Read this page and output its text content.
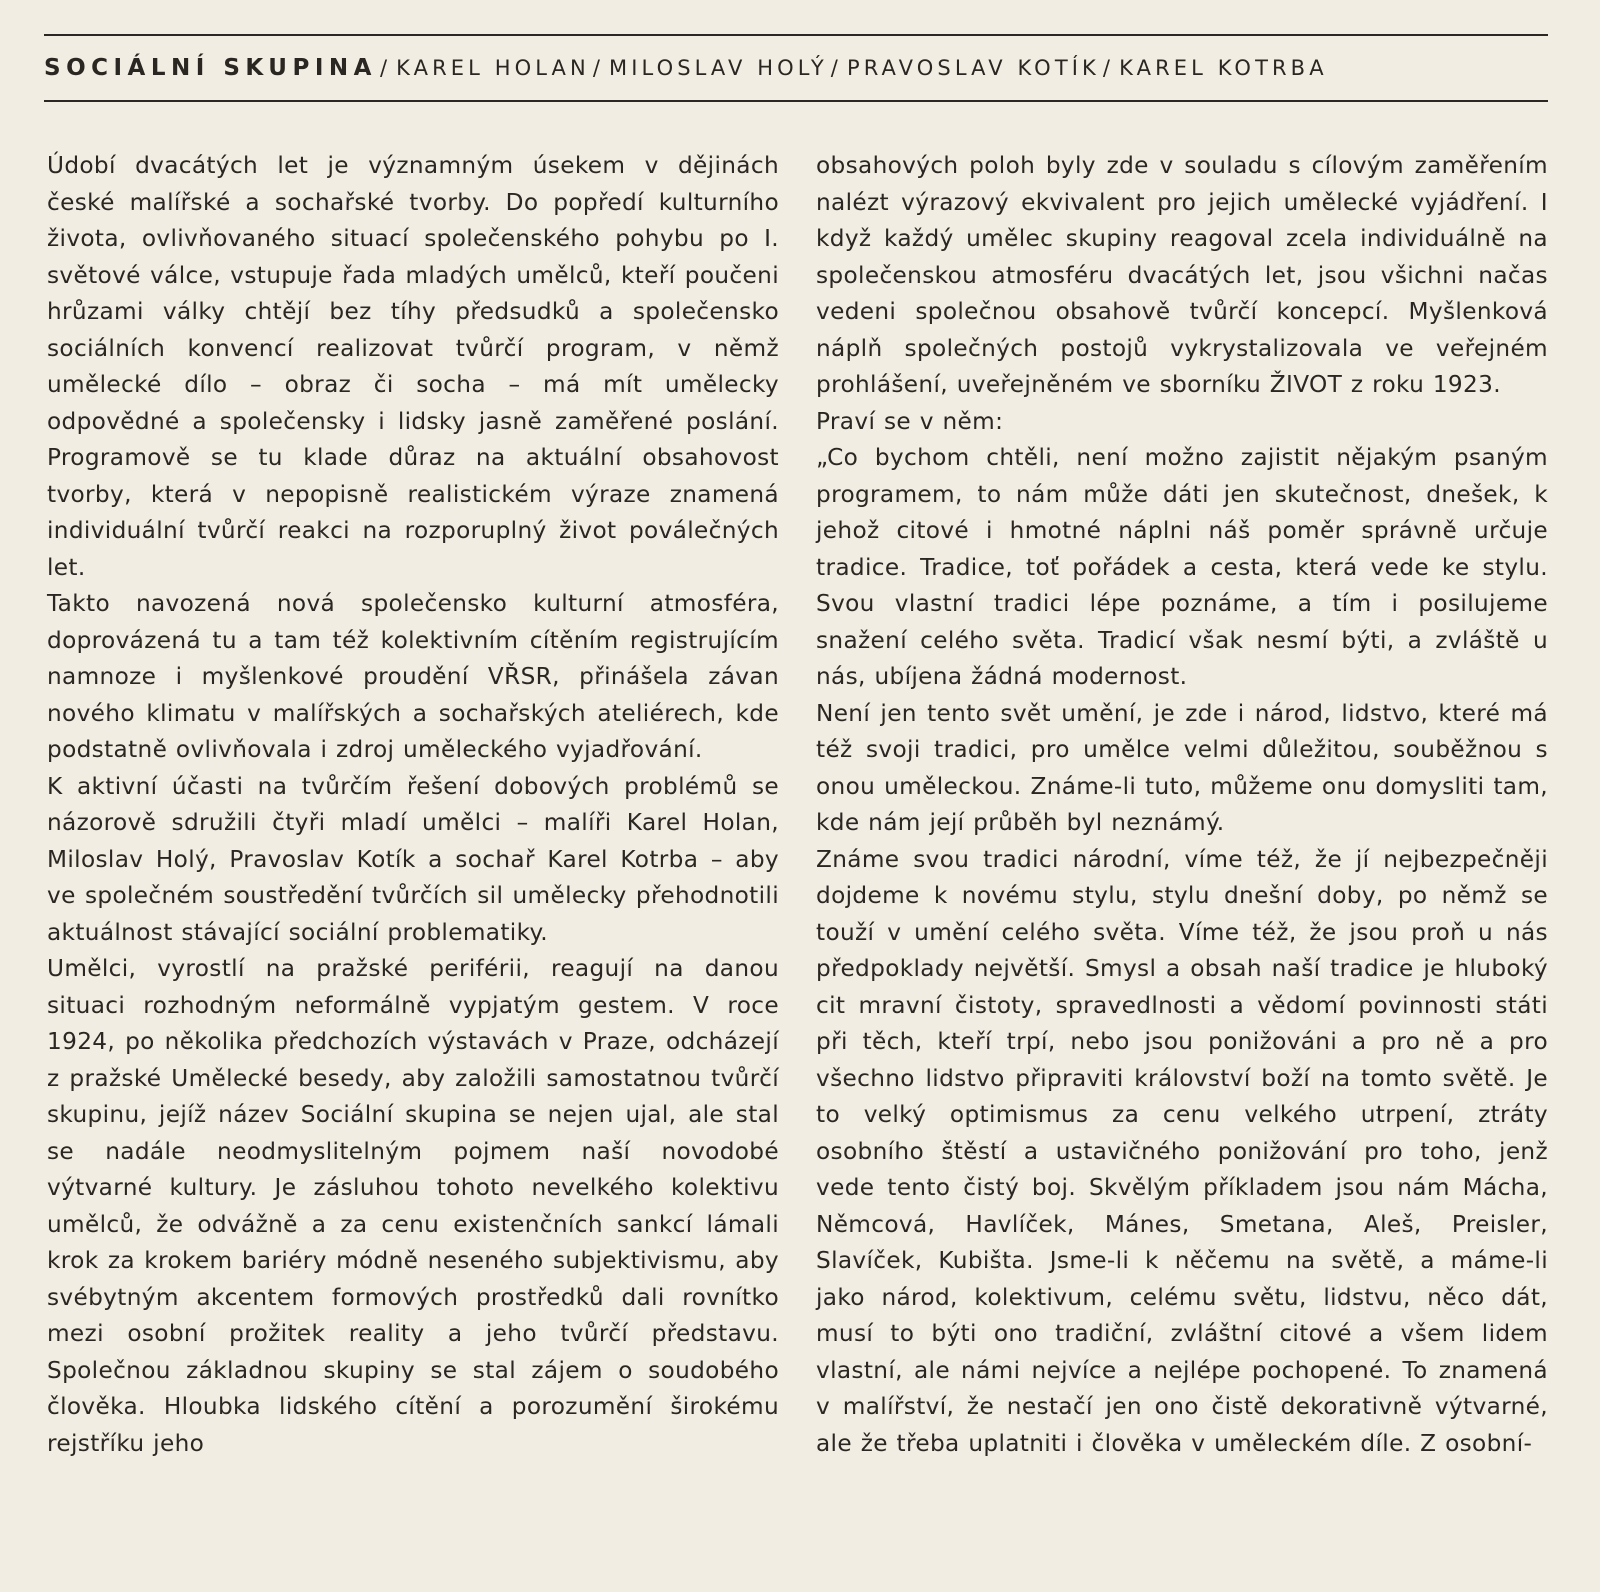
SOCIÁLNÍ SKUPINA / KAREL HOLAN / MILOSLAV HOLÝ / PRAVOSLAV KOTÍK / KAREL KOTRBA

Údobí dvacátých let je významným úsekem v dějinách české malířské a sochařské tvorby. Do popředí kulturního života, ovlivňovaného situací společenského pohybu po I. světové válce, vstupuje řada mladých umělců, kteří poučeni hrůzami války chtějí bez tíhy předsudků a společensko sociálních konvencí realizovat tvůrčí program, v němž umělecké dílo – obraz či socha – má mít umělecky odpovědné a společensky i lidsky jasně zaměřené poslání. Programově se tu klade důraz na aktuální obsahovost tvorby, která v nepopisně realistickém výraze znamená individuální tvůrčí reakci na rozporuplný život poválečných let.

Takto navozená nová společensko kulturní atmosféra, doprovázená tu a tam též kolektivním cítěním registrujícím namnoze i myšlenkové proudění VŘSR, přinášela závan nového klimatu v malířských a sochařských ateliérech, kde podstatně ovlivňovala i zdroj uměleckého vyjadřování.

K aktivní účasti na tvůrčím řešení dobových problémů se názorově sdružili čtyři mladí umělci – malíři Karel Holan, Miloslav Holý, Pravoslav Kotík a sochař Karel Kotrba – aby ve společném soustředění tvůrčích sil umělecky přehodnotili aktuálnost stávající sociální problematiky.

Umělci, vyrostlí na pražské periférii, reagují na danou situaci rozhodným neformálně vypjatým gestem. V roce 1924, po několika předchozích výstavách v Praze, odcházejí z pražské Umělecké besedy, aby založili samostatnou tvůrčí skupinu, jejíž název Sociální skupina se nejen ujal, ale stal se nadále neodmyslitelným pojmem naší novodobé výtvarné kultury. Je zásluhou tohoto nevelkého kolektivu umělců, že odvážně a za cenu existenčních sankcí lámali krok za krokem bariéry módně neseného subjektivismu, aby svébytným akcentem formových prostředků dali rovnítko mezi osobní prožitek reality a jeho tvůrčí představu. Společnou základnou skupiny se stal zájem o soudobého člověka. Hloubka lidského cítění a porozumění širokému rejstříku jeho

obsahových poloh byly zde v souladu s cílovým zaměřením nalézt výrazový ekvivalent pro jejich umělecké vyjádření. I když každý umělec skupiny reagoval zcela individuálně na společenskou atmosféru dvacátých let, jsou všichni načas vedeni společnou obsahově tvůrčí koncepcí. Myšlenková náplň společných postojů vykrystalizovala ve veřejném prohlášení, uveřejněném ve sborníku ŽIVOT z roku 1923.

Praví se v něm:

„Co bychom chtěli, není možno zajistit nějakým psaným programem, to nám může dáti jen skutečnost, dnešek, k jehož citové i hmotné náplni náš poměr správně určuje tradice. Tradice, toť pořádek a cesta, která vede ke stylu. Svou vlastní tradici lépe poznáme, a tím i posilujeme snažení celého světa. Tradicí však nesmí býti, a zvláště u nás, ubíjena žádná modernost.

Není jen tento svět umění, je zde i národ, lidstvo, které má též svoji tradici, pro umělce velmi důležitou, souběžnou s onou uměleckou. Známe-li tuto, můžeme onu domysliti tam, kde nám její průběh byl neznámý.

Známe svou tradici národní, víme též, že jí nejbezpečněji dojdeme k novému stylu, stylu dnešní doby, po němž se touží v umění celého světa. Víme též, že jsou proň u nás předpoklady největší. Smysl a obsah naší tradice je hluboký cit mravní čistoty, spravedlnosti a vědomí povinnosti státi při těch, kteří trpí, nebo jsou ponižováni a pro ně a pro všechno lidstvo připraviti království boží na tomto světě. Je to velký optimismus za cenu velkého utrpení, ztráty osobního štěstí a ustavičného ponižování pro toho, jenž vede tento čistý boj. Skvělým příkladem jsou nám Mácha, Němcová, Havlíček, Mánes, Smetana, Aleš, Preisler, Slavíček, Kubišta. Jsme-li k něčemu na světě, a máme-li jako národ, kolektivum, celému světu, lidstvu, něco dát, musí to býti ono tradiční, zvláštní citové a všem lidem vlastní, ale námi nejvíce a nejlépe pochopené. To znamená v malířství, že nestačí jen ono čistě dekorativně výtvarné, ale že třeba uplatniti i člověka v uměleckém díle. Z osobní-
